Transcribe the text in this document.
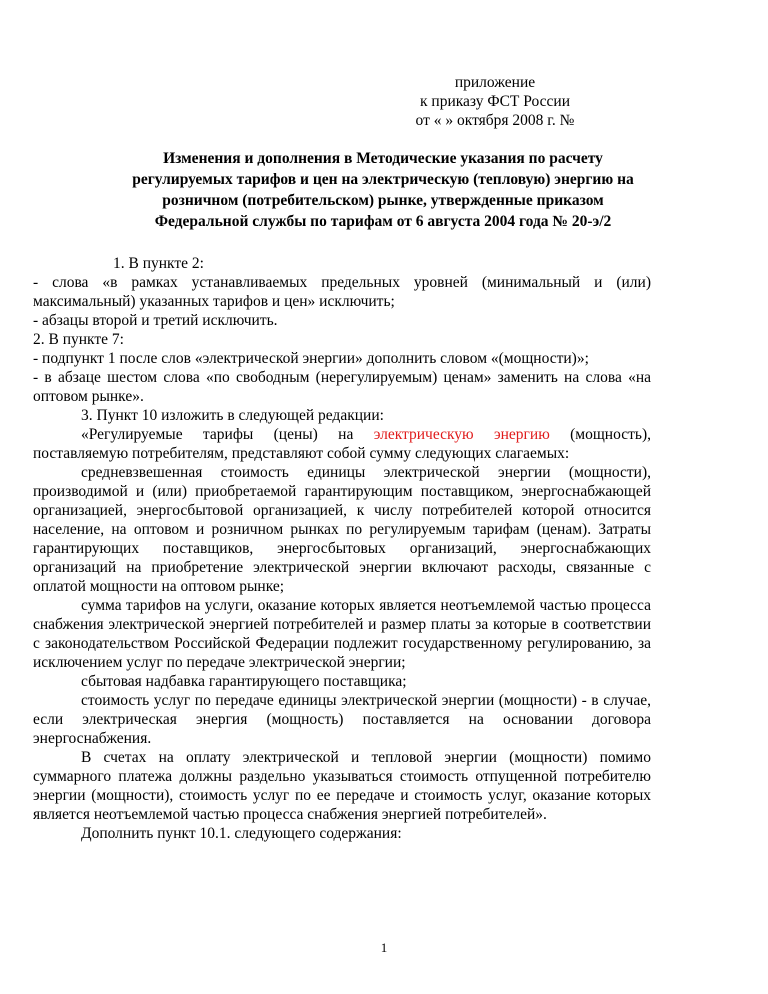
приложение
к приказу ФСТ России
от « » октября 2008 г. №
Изменения и дополнения в Методические указания по расчету
регулируемых тарифов и цен на электрическую (тепловую) энергию на
розничном (потребительском) рынке, утвержденные приказом
Федеральной службы по тарифам от 6 августа 2004 года № 20-э/2

1. В пункте 2:

- слова «в рамках устанавливаемых предельных уровней (минимальный и (или) максимальный) указанных тарифов и цен» исключить;

- абзацы второй и третий исключить.

2. В пункте 7:

- подпункт 1 после слов «электрической энергии» дополнить словом «(мощности)»;

- в абзаце шестом слова «по свободным (нерегулируемым) ценам» заменить на слова «на оптовом рынке».

3. Пункт 10 изложить в следующей редакции:

«Регулируемые тарифы (цены) на электрическую энергию (мощность), поставляемую потребителям, представляют собой сумму следующих слагаемых:

средневзвешенная стоимость единицы электрической энергии (мощности), производимой и (или) приобретаемой гарантирующим поставщиком, энергоснабжающей организацией, энергосбытовой организацией, к числу потребителей которой относится население, на оптовом и розничном рынках по регулируемым тарифам (ценам). Затраты гарантирующих поставщиков, энергосбытовых организаций, энергоснабжающих организаций на приобретение электрической энергии включают расходы, связанные с оплатой мощности на оптовом рынке;

сумма тарифов на услуги, оказание которых является неотъемлемой частью процесса снабжения электрической энергией потребителей и размер платы за которые в соответствии с законодательством Российской Федерации подлежит государственному регулированию, за исключением услуг по передаче электрической энергии;

сбытовая надбавка гарантирующего поставщика;

стоимость услуг по передаче единицы электрической энергии (мощности) - в случае, если электрическая энергия (мощность) поставляется на основании договора энергоснабжения.

В счетах на оплату электрической и тепловой энергии (мощности) помимо суммарного платежа должны раздельно указываться стоимость отпущенной потребителю энергии (мощности), стоимость услуг по ее передаче и стоимость услуг, оказание которых является неотъемлемой частью процесса снабжения энергией потребителей».

Дополнить пункт 10.1. следующего содержания:

1
